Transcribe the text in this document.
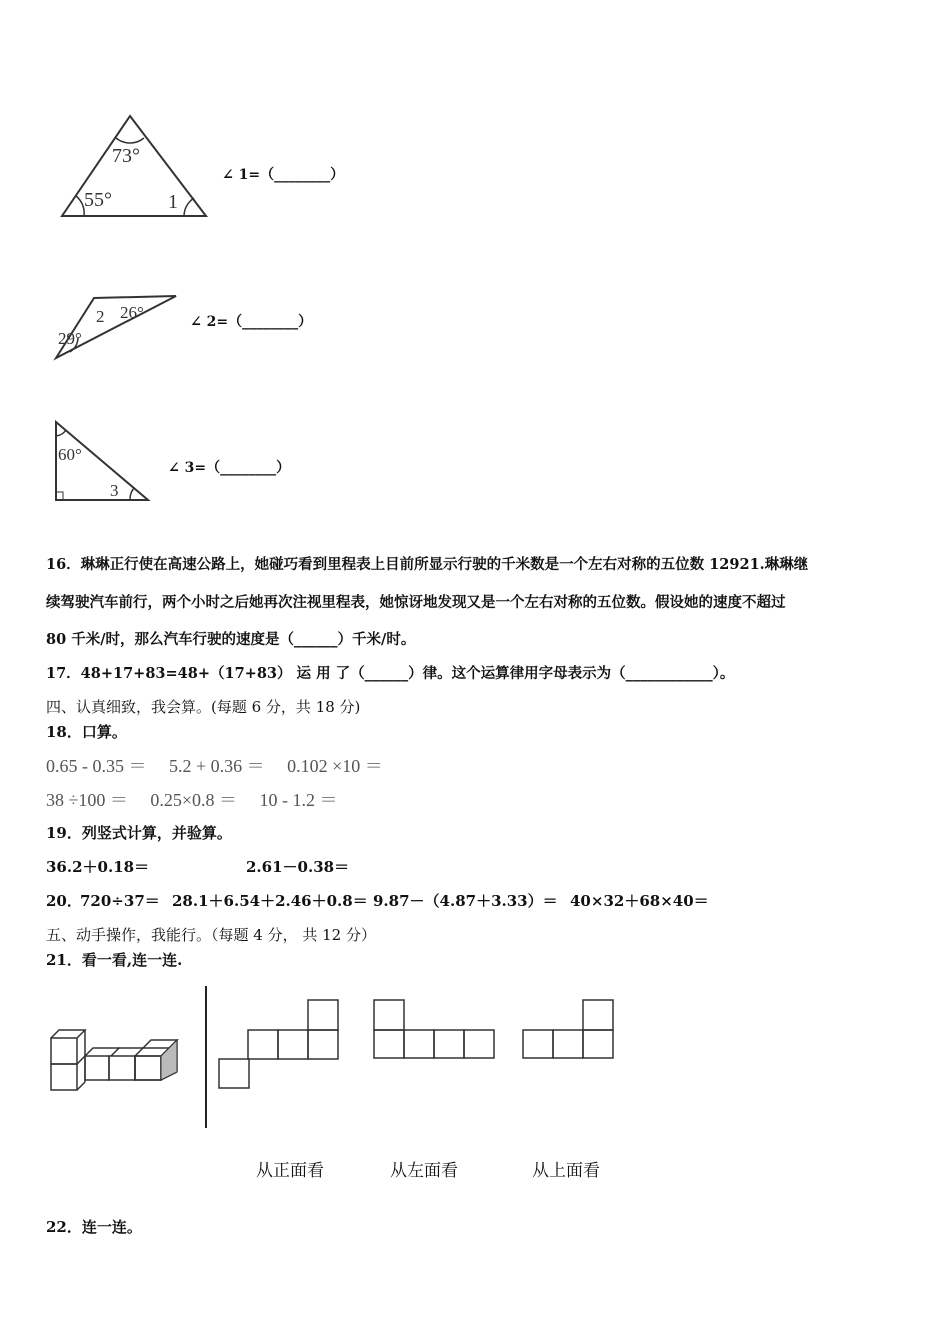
73°
55°	1
∠ 1=（________）
2 26°
29°
∠ 2=（________）
60°
3
∠ 3=（________）
16．琳琳正行使在高速公路上，她碰巧看到里程表上目前所显示行驶的千米数是一个左右对称的五位数 12921.琳琳继
续驾驶汽车前行，两个小时之后她再次注视里程表，她惊讶地发现又是一个左右对称的五位数。假设她的速度不超过
80 千米/时，那么汽车行驶的速度是（______）千米/时。
17．48+17+83=48+（17+83） 运 用 了（______）律。这个运算律用字母表示为（____________）。
四、认真细致，我会算。(每题 6 分，共 18 分)
18．口算。
0.65 - 0.35 ＝　 5.2 + 0.36 ＝　 0.102 ×10 ＝
38 ÷100 ＝　 0.25×0.8 ＝　 10 - 1.2 ＝
19．列竖式计算，并验算。
36.2＋0.18＝	2.61－0.38＝
20．
720÷37＝ 28.1＋6.54＋2.46＋0.8＝ 9.87－（4.87＋3.33）＝ 40×32＋68×40＝
五、动手操作，我能行。（每题 4 分， 共 12 分）
21．看一看,连一连.
从正面看	从左面看	从上面看
22．连一连。
